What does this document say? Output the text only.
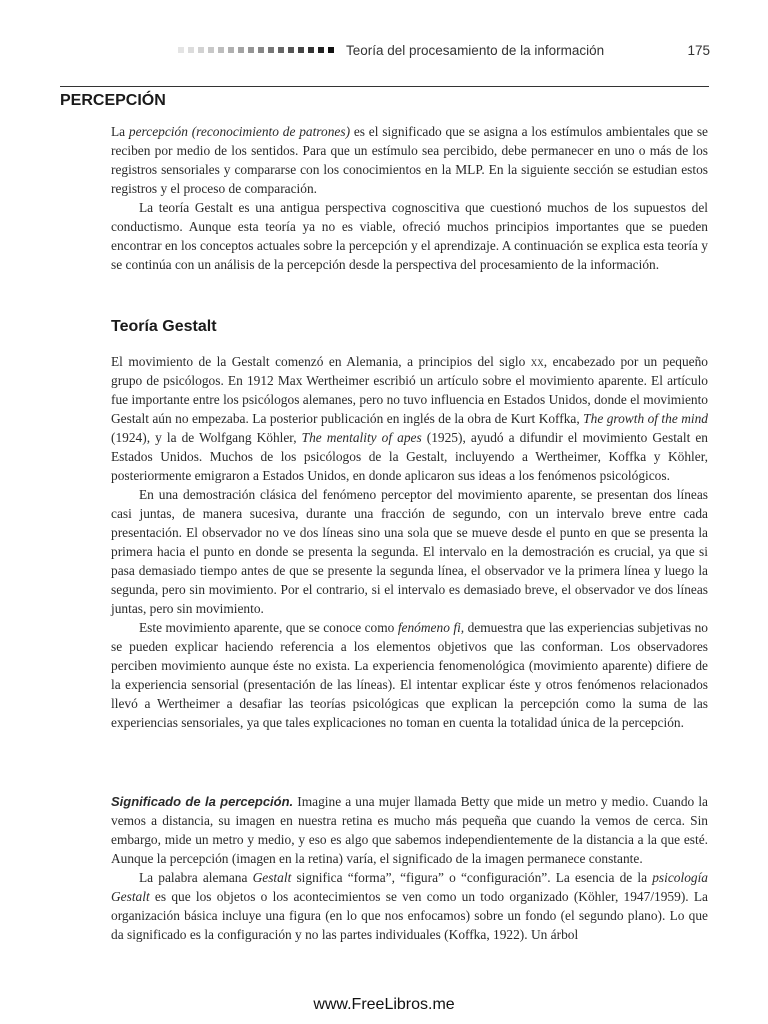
Teoría del procesamiento de la información	175
PERCEPCIÓN

La percepción (reconocimiento de patrones) es el significado que se asigna a los estímulos ambientales que se reciben por medio de los sentidos. Para que un estímulo sea percibido, debe permanecer en uno o más de los registros sensoriales y compararse con los conocimientos en la MLP. En la siguiente sección se estudian estos registros y el proceso de comparación.

La teoría Gestalt es una antigua perspectiva cognoscitiva que cuestionó muchos de los supuestos del conductismo. Aunque esta teoría ya no es viable, ofreció muchos principios importantes que se pueden encontrar en los conceptos actuales sobre la percepción y el aprendizaje. A continuación se explica esta teoría y se continúa con un análisis de la percepción desde la perspectiva del procesamiento de la información.

Teoría Gestalt

El movimiento de la Gestalt comenzó en Alemania, a principios del siglo xx, encabezado por un pequeño grupo de psicólogos. En 1912 Max Wertheimer escribió un artículo sobre el movimiento aparente. El artículo fue importante entre los psicólogos alemanes, pero no tuvo influencia en Estados Unidos, donde el movimiento Gestalt aún no empezaba. La posterior publicación en inglés de la obra de Kurt Koffka, The growth of the mind (1924), y la de Wolfgang Köhler, The mentality of apes (1925), ayudó a difundir el movimiento Gestalt en Estados Unidos. Muchos de los psicólogos de la Gestalt, incluyendo a Wertheimer, Koffka y Köhler, posteriormente emigraron a Estados Unidos, en donde aplicaron sus ideas a los fenómenos psicológicos.

En una demostración clásica del fenómeno perceptor del movimiento aparente, se presentan dos líneas casi juntas, de manera sucesiva, durante una fracción de segundo, con un intervalo breve entre cada presentación. El observador no ve dos líneas sino una sola que se mueve desde el punto en que se presenta la primera hacia el punto en donde se presenta la segunda. El intervalo en la demostración es crucial, ya que si pasa demasiado tiempo antes de que se presente la segunda línea, el observador ve la primera línea y luego la segunda, pero sin movimiento. Por el contrario, si el intervalo es demasiado breve, el observador ve dos líneas juntas, pero sin movimiento.

Este movimiento aparente, que se conoce como fenómeno fi, demuestra que las experiencias subjetivas no se pueden explicar haciendo referencia a los elementos objetivos que las conforman. Los observadores perciben movimiento aunque éste no exista. La experiencia fenomenológica (movimiento aparente) difiere de la experiencia sensorial (presentación de las líneas). El intentar explicar éste y otros fenómenos relacionados llevó a Wertheimer a desafiar las teorías psicológicas que explican la percepción como la suma de las experiencias sensoriales, ya que tales explicaciones no toman en cuenta la totalidad única de la percepción.

Significado de la percepción. Imagine a una mujer llamada Betty que mide un metro y medio. Cuando la vemos a distancia, su imagen en nuestra retina es mucho más pequeña que cuando la vemos de cerca. Sin embargo, mide un metro y medio, y eso es algo que sabemos independientemente de la distancia a la que esté. Aunque la percepción (imagen en la retina) varía, el significado de la imagen permanece constante.

La palabra alemana Gestalt significa “forma”, “figura” o “configuración”. La esencia de la psicología Gestalt es que los objetos o los acontecimientos se ven como un todo organizado (Köhler, 1947/1959). La organización básica incluye una figura (en lo que nos enfocamos) sobre un fondo (el segundo plano). Lo que da significado es la configuración y no las partes individuales (Koffka, 1922). Un árbol

www.FreeLibros.me
